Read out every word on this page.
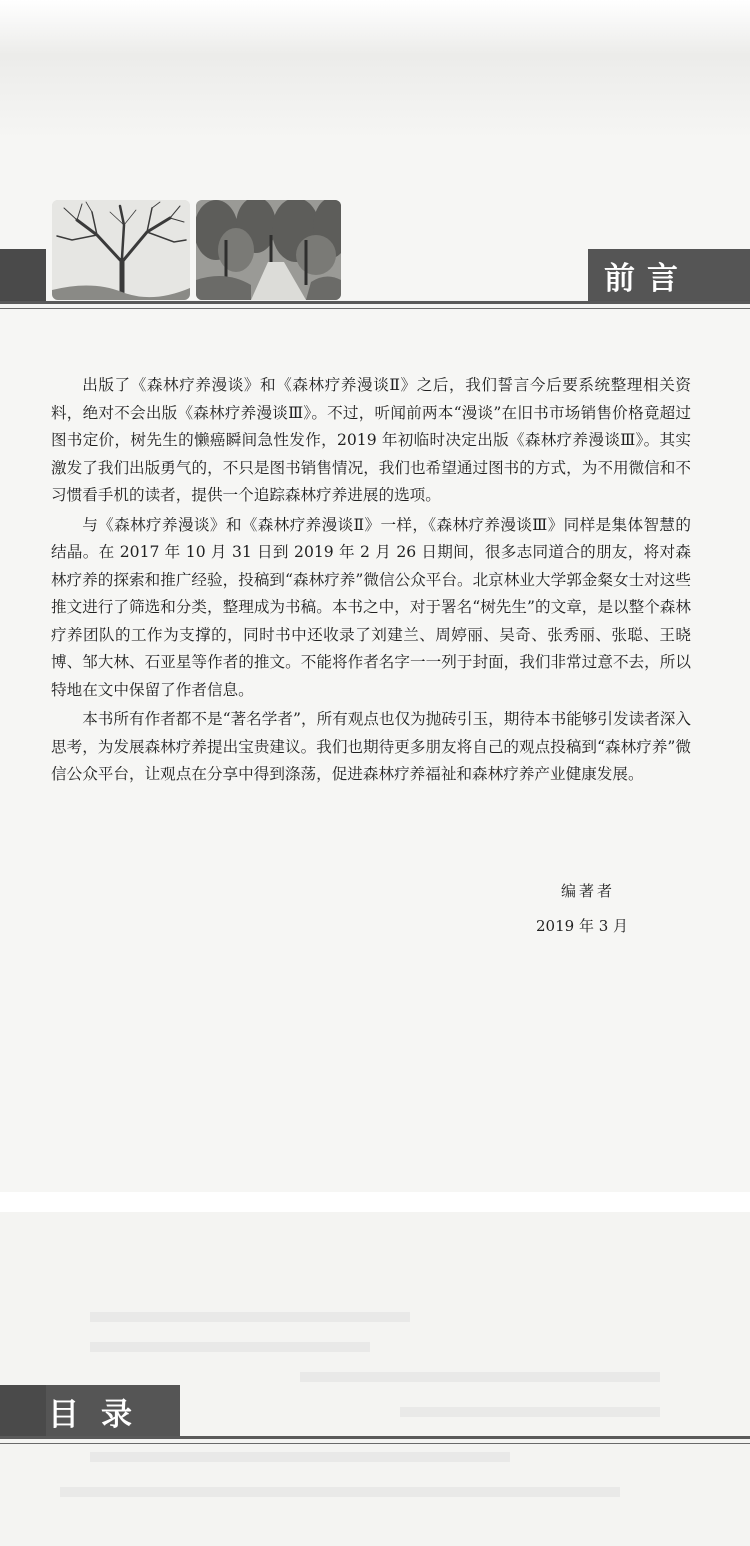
前言

出版了《森林疗养漫谈》和《森林疗养漫谈Ⅱ》之后，我们誓言今后要系统整理相关资料，绝对不会出版《森林疗养漫谈Ⅲ》。不过，听闻前两本“漫谈”在旧书市场销售价格竟超过图书定价，树先生的懒癌瞬间急性发作，2019 年初临时决定出版《森林疗养漫谈Ⅲ》。其实激发了我们出版勇气的，不只是图书销售情况，我们也希望通过图书的方式，为不用微信和不习惯看手机的读者，提供一个追踪森林疗养进展的选项。

与《森林疗养漫谈》和《森林疗养漫谈Ⅱ》一样，《森林疗养漫谈Ⅲ》同样是集体智慧的结晶。在 2017 年 10 月 31 日到 2019 年 2 月 26 日期间，很多志同道合的朋友，将对森林疗养的探索和推广经验，投稿到“森林疗养”微信公众平台。北京林业大学郭金粲女士对这些推文进行了筛选和分类，整理成为书稿。本书之中，对于署名“树先生”的文章，是以整个森林疗养团队的工作为支撑的，同时书中还收录了刘建兰、周婷丽、吴奇、张秀丽、张聪、王晓博、邹大林、石亚星等作者的推文。不能将作者名字一一列于封面，我们非常过意不去，所以特地在文中保留了作者信息。

本书所有作者都不是“著名学者”，所有观点也仅为抛砖引玉，期待本书能够引发读者深入思考，为发展森林疗养提出宝贵建议。我们也期待更多朋友将自己的观点投稿到“森林疗养”微信公众平台，让观点在分享中得到涤荡，促进森林疗养福祉和森林疗养产业健康发展。

编著者
2019 年 3 月
目录
